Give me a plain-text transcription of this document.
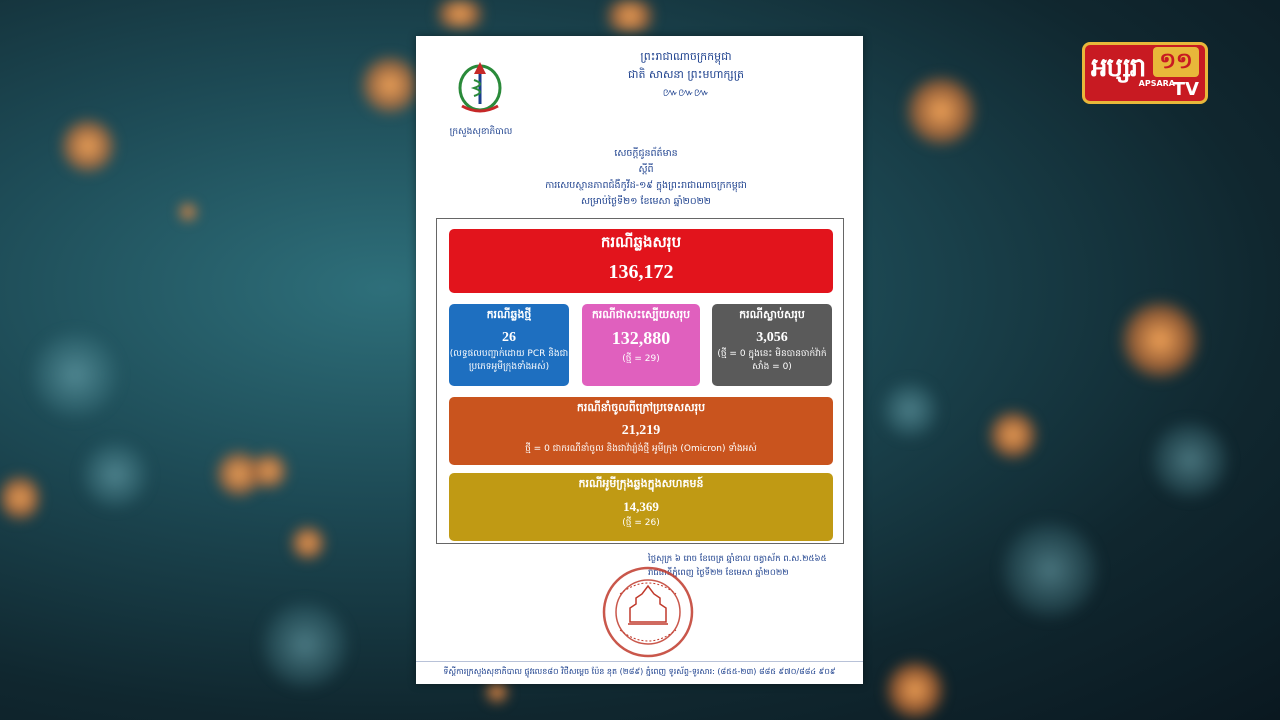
អប្សរា ១១
APSARA
TV
ក្រសួងសុខាភិបាល
ព្រះរាជាណាចក្រកម្ពុជា
ជាតិ សាសនា ព្រះមហាក្សត្រ
៚៚៚
សេចក្តីជូនព័ត៌មាន
ស្តីពី
ការសេបស្ថានភាពជំងឺកូវីដ-១៩ ក្នុងព្រះរាជាណាចក្រកម្ពុជា
សម្រាប់ថ្ងៃទី២១ ខែមេសា ឆ្នាំ២០២២
ករណីឆ្លងសរុប
136,172
ករណីឆ្លងថ្មី
26
(លទ្ធផលបញ្ជាក់ដោយ PCR និងជាប្រភេទអូមីក្រុងទាំងអស់)
ករណីជាសះស្បើយសរុប
132,880
(ថ្មី = 29)
ករណីស្លាប់សរុប
3,056
(ថ្មី = 0 ក្នុងនេះ មិនបានចាក់វ៉ាក់សាំង = 0)
ករណីនាំចូលពីក្រៅប្រទេសសរុប
21,219
ថ្មី = 0 ជាករណីនាំចូល និងជាវ៉ារ្យ៉ង់ថ្មី អូមីក្រុង (Omicron) ទាំងអស់
ករណីអូមីក្រុងឆ្លងក្នុងសហគមន៍
14,369
(ថ្មី = 26)
ថ្ងៃសុក្រ ៦ រោច ខែចេត្រ ឆ្នាំខាល ចត្វាស័ក ព.ស.២៥៦៥
រាជធានីភ្នំពេញ ថ្ងៃទី២២ ខែមេសា ឆ្នាំ២០២២
ទីស្តីការក្រសួងសុខាភិបាល ផ្លូវលេខ៨០ វិថីសម្តេច ប៉ែន នុត (២៨៩) ភ្នំពេញ ទូរស័ព្ទ-ទូរសារ: (៨៥៥-២៣) ៨៨៥ ៩៧០/៨៨៤ ៩០៩
